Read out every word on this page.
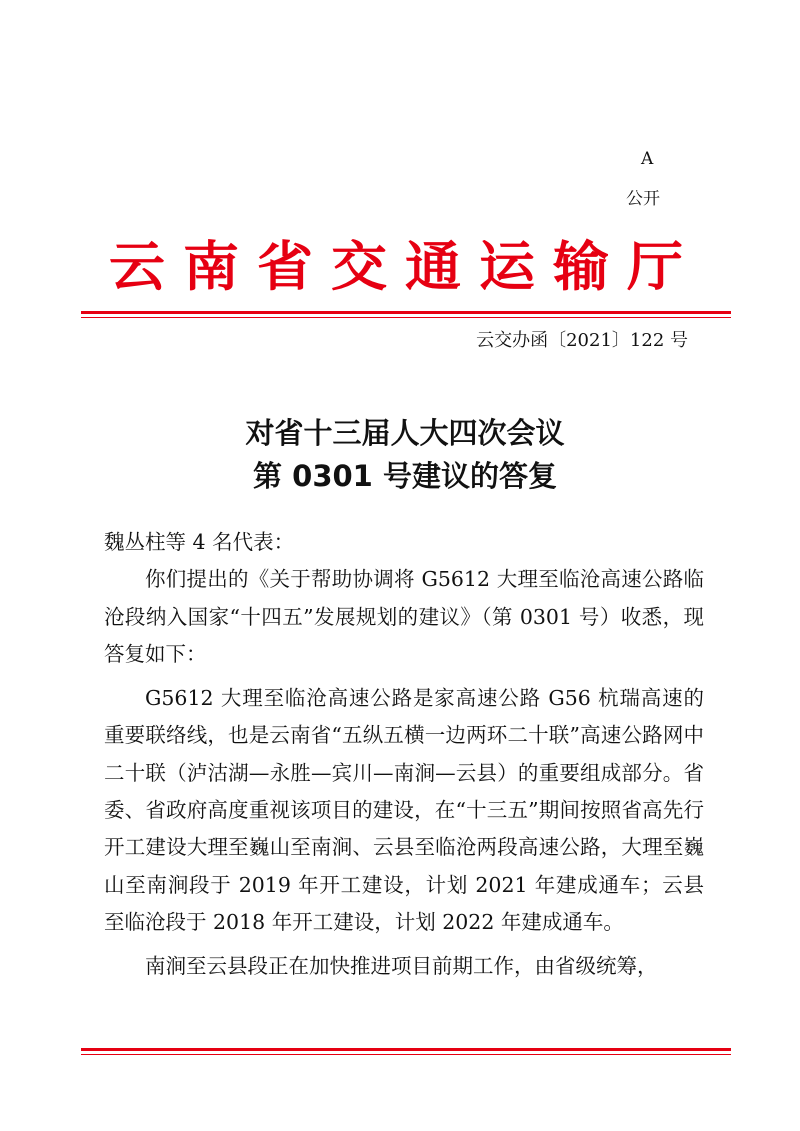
A
公开
云南省交通运输厅
云交办函〔2021〕122 号
对省十三届人大四次会议
第 0301 号建议的答复

魏丛柱等 4 名代表：

你们提出的《关于帮助协调将 G5612 大理至临沧高速公路临沧段纳入国家“十四五”发展规划的建议》（第 0301 号）收悉，现答复如下：

G5612 大理至临沧高速公路是家高速公路 G56 杭瑞高速的重要联络线，也是云南省“五纵五横一边两环二十联”高速公路网中二十联（泸沽湖—永胜—宾川—南涧—云县）的重要组成部分。省委、省政府高度重视该项目的建设，在“十三五”期间按照省高先行开工建设大理至巍山至南涧、云县至临沧两段高速公路，大理至巍山至南涧段于 2019 年开工建设，计划 2021 年建成通车；云县至临沧段于 2018 年开工建设，计划 2022 年建成通车。

南涧至云县段正在加快推进项目前期工作，由省级统筹，
